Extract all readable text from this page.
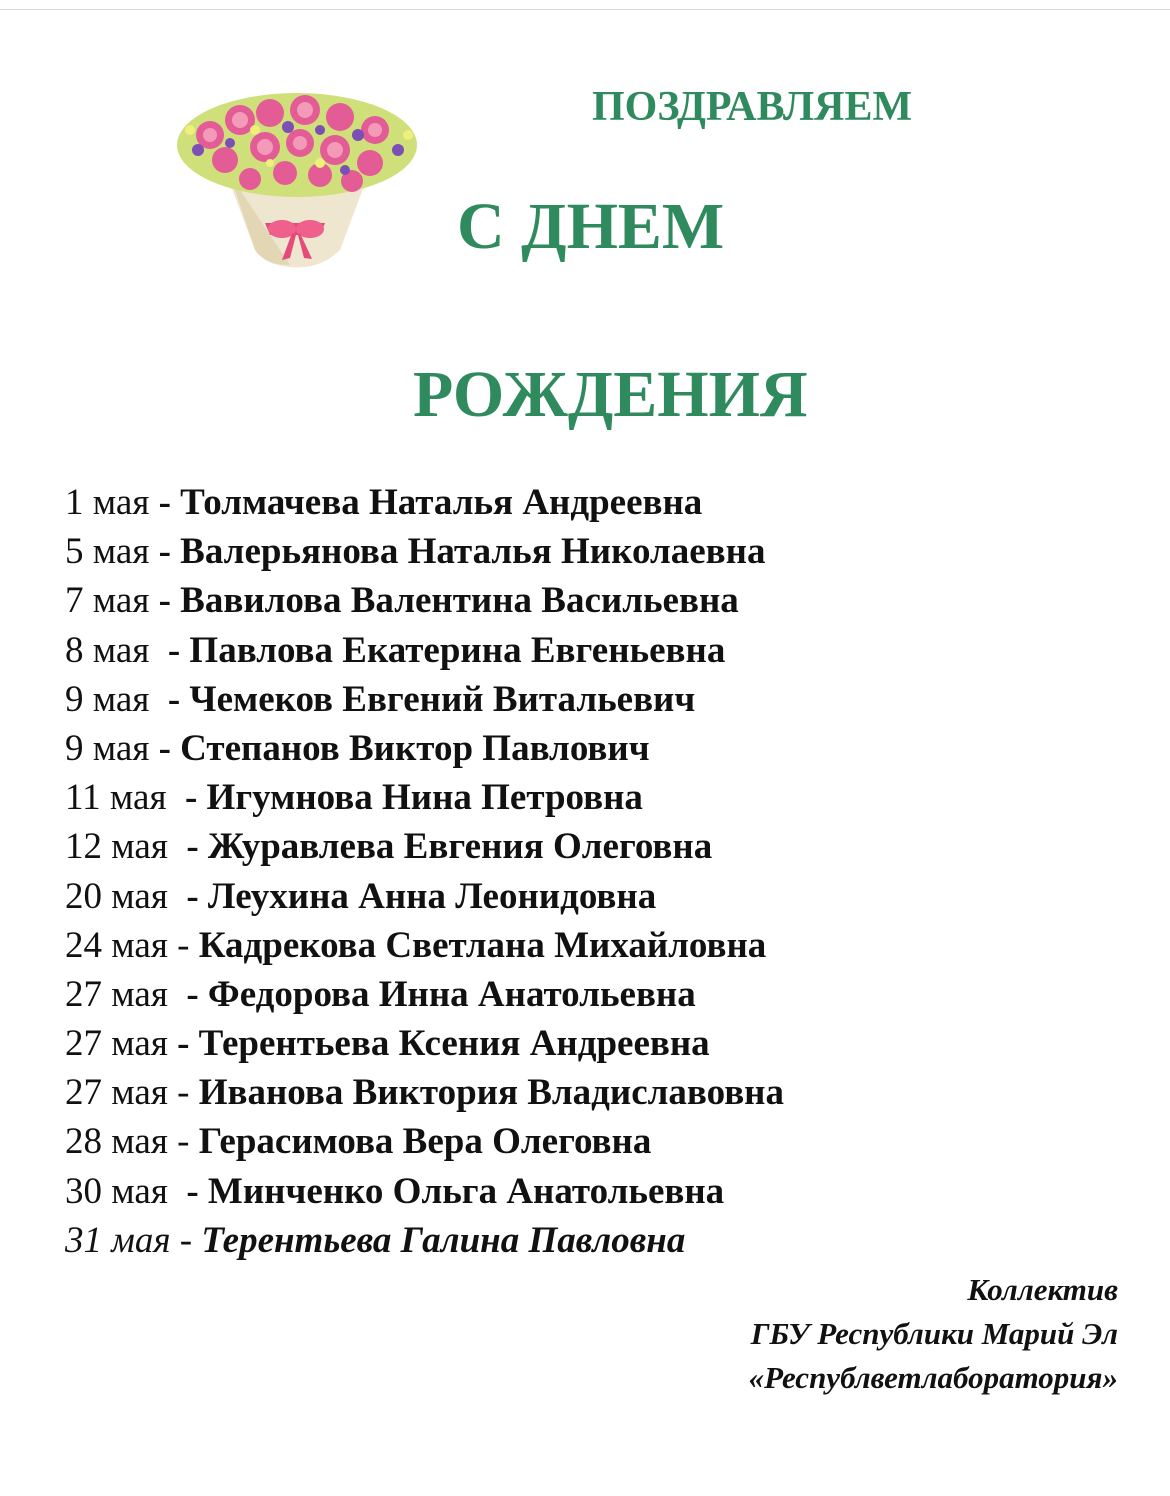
ПОЗДРАВЛЯЕМ
С ДНЕМ
РОЖДЕНИЯ
1 мая - Толмачева Наталья Андреевна
5 мая - Валерьянова Наталья Николаевна
7 мая - Вавилова Валентина Васильевна
8 мая  - Павлова Екатерина Евгеньевна
9 мая  - Чемеков Евгений Витальевич
9 мая - Степанов Виктор Павлович
11 мая  - Игумнова Нина Петровна
12 мая  - Журавлева Евгения Олеговна
20 мая  - Леухина Анна Леонидовна
24 мая - Кадрекова Светлана Михайловна
27 мая  - Федорова Инна Анатольевна
27 мая - Терентьева Ксения Андреевна
27 мая - Иванова Виктория Владиславовна
28 мая - Герасимова Вера Олеговна
30 мая  - Минченко Ольга Анатольевна
31 мая - Терентьева Галина Павловна
Коллектив
ГБУ Республики Марий Эл
«Республветлаборатория»
